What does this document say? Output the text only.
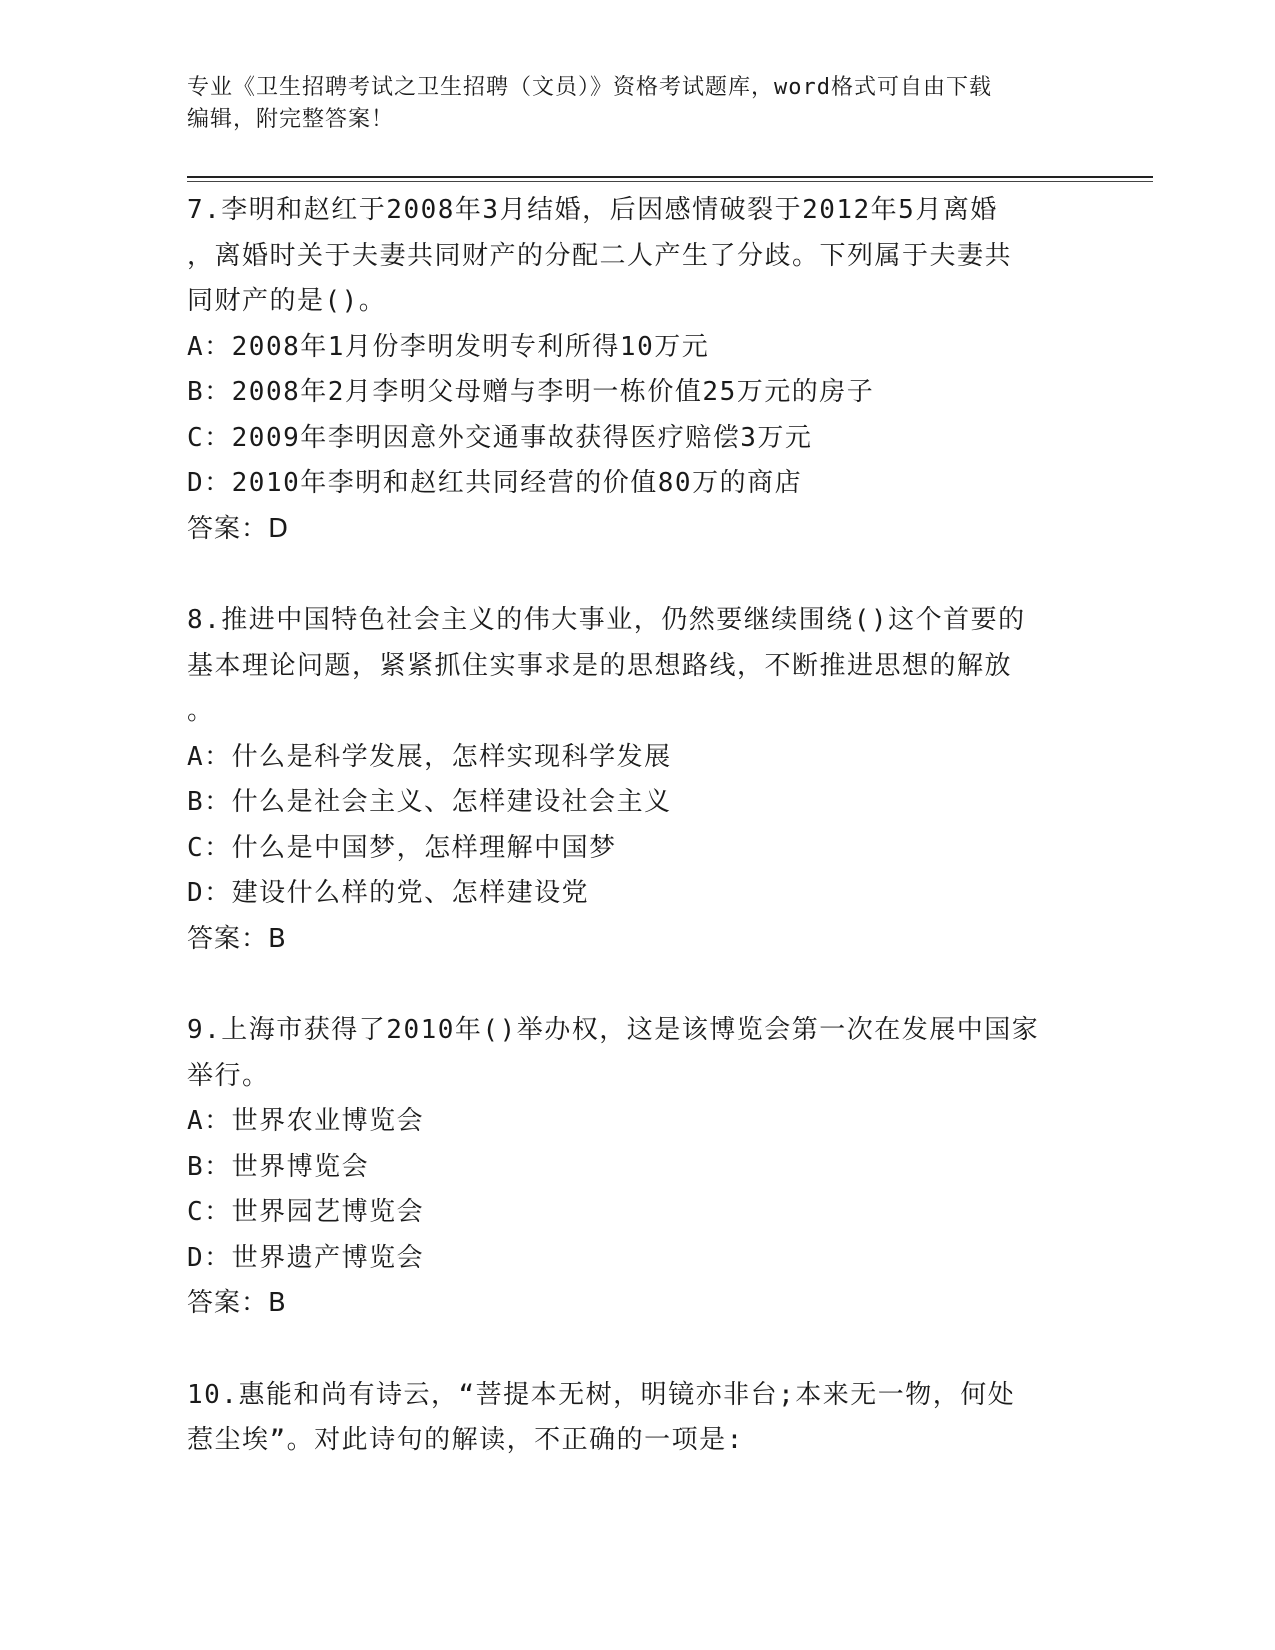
专业《卫生招聘考试之卫生招聘（文员）》资格考试题库，word格式可自由下载
编辑，附完整答案！

7.李明和赵红于2008年3月结婚，后因感情破裂于2012年5月离婚

，离婚时关于夫妻共同财产的分配二人产生了分歧。下列属于夫妻共

同财产的是()。

A：2008年1月份李明发明专利所得10万元

B：2008年2月李明父母赠与李明一栋价值25万元的房子

C：2009年李明因意外交通事故获得医疗赔偿3万元

D：2010年李明和赵红共同经营的价值80万的商店

答案：D

8.推进中国特色社会主义的伟大事业，仍然要继续围绕()这个首要的

基本理论问题，紧紧抓住实事求是的思想路线，不断推进思想的解放

。

A：什么是科学发展，怎样实现科学发展

B：什么是社会主义、怎样建设社会主义

C：什么是中国梦，怎样理解中国梦

D：建设什么样的党、怎样建设党

答案：B

9.上海市获得了2010年()举办权，这是该博览会第一次在发展中国家

举行。

A：世界农业博览会

B：世界博览会

C：世界园艺博览会

D：世界遗产博览会

答案：B

10.惠能和尚有诗云，“菩提本无树，明镜亦非台;本来无一物，何处

惹尘埃”。对此诗句的解读，不正确的一项是:
